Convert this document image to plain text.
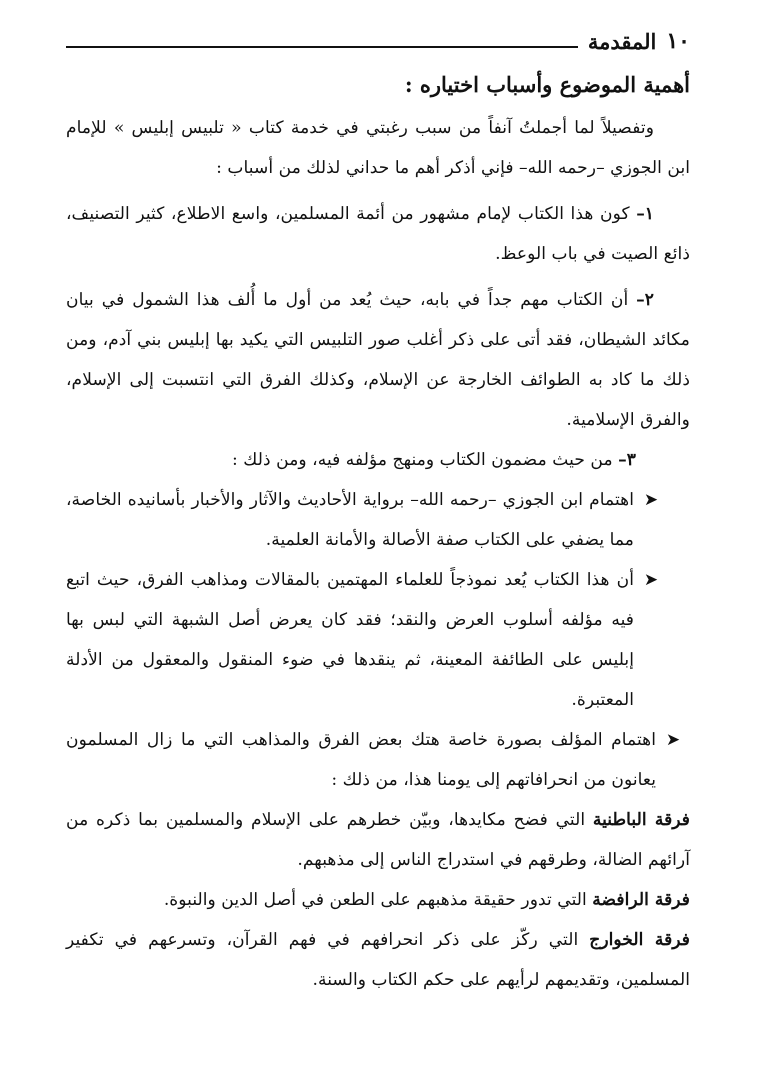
١٠
المقدمة
أهمية الموضوع وأسباب اختياره :

وتفصيلاً لما أجملتُ آنفاً من سبب رغبتي في خدمة كتاب « تلبيس إبليس » للإمام ابن الجوزي –رحمه الله– فإني أذكر أهم ما حداني لذلك من أسباب :

١– كون هذا الكتاب لإمام مشهور من أئمة المسلمين، واسع الاطلاع، كثير التصنيف، ذائع الصيت في باب الوعظ.

٢– أن الكتاب مهم جداً في بابه، حيث يُعد من أول ما أُلف هذا الشمول في بيان مكائد الشيطان، فقد أتى على ذكر أغلب صور التلبيس التي يكيد بها إبليس بني آدم، ومن ذلك ما كاد به الطوائف الخارجة عن الإسلام، وكذلك الفرق التي انتسبت إلى الإسلام، والفرق الإسلامية.

٣– من حيث مضمون الكتاب ومنهج مؤلفه فيه، ومن ذلك :

➤

اهتمام ابن الجوزي –رحمه الله– برواية الأحاديث والآثار والأخبار بأسانيده الخاصة، مما يضفي على الكتاب صفة الأصالة والأمانة العلمية.

➤

أن هذا الكتاب يُعد نموذجاً للعلماء المهتمين بالمقالات ومذاهب الفرق، حيث اتبع فيه مؤلفه أسلوب العرض والنقد؛ فقد كان يعرض أصل الشبهة التي لبس بها إبليس على الطائفة المعينة، ثم ينقدها في ضوء المنقول والمعقول من الأدلة المعتبرة.

➤

اهتمام المؤلف بصورة خاصة هتك بعض الفرق والمذاهب التي ما زال المسلمون يعانون من انحرافاتهم إلى يومنا هذا، من ذلك :

فرقة الباطنية التي فضح مكايدها، وبيّن خطرهم على الإسلام والمسلمين بما ذكره من آرائهم الضالة، وطرقهم في استدراج الناس إلى مذهبهم.

فرقة الرافضة التي تدور حقيقة مذهبهم على الطعن في أصل الدين والنبوة.

فرقة الخوارج التي ركّز على ذكر انحرافهم في فهم القرآن، وتسرعهم في تكفير المسلمين، وتقديمهم لرأيهم على حكم الكتاب والسنة.
